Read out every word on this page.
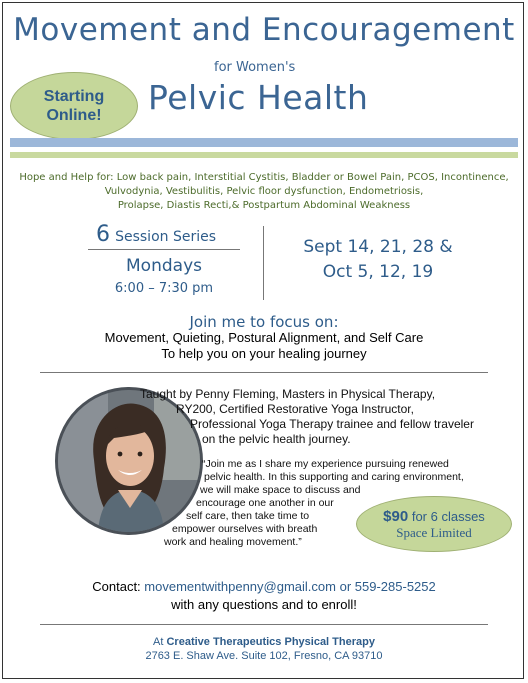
Movement and Encouragement
for Women's
Pelvic Health
Starting
Online!
Hope and Help for: Low back pain, Interstitial Cystitis, Bladder or Bowel Pain, PCOS, Incontinence,
Vulvodynia, Vestibulitis, Pelvic floor dysfunction, Endometriosis,
Prolapse, Diastis Recti,& Postpartum Abdominal Weakness
6 Session Series
Mondays
6:00 – 7:30 pm
Sept 14, 21, 28 &
Oct 5, 12, 19
Join me to focus on:
Movement, Quieting, Postural Alignment, and Self Care
To help you on your healing journey
Taught by Penny Fleming, Masters in Physical Therapy,
RY200, Certified Restorative Yoga Instructor,
Professional Yoga Therapy trainee and fellow traveler
on the pelvic health journey.
“Join me as I share my experience pursuing renewed
pelvic health. In this supporting and caring environment,
we will make space to discuss and
encourage one another in our
self care, then take time to
empower ourselves with breath
work and healing movement.”
$90 for 6 classes
Space Limited
Contact: movementwithpenny@gmail.com or 559-285-5252
with any questions and to enroll!
At Creative Therapeutics Physical Therapy
2763 E. Shaw Ave. Suite 102, Fresno, CA 93710
